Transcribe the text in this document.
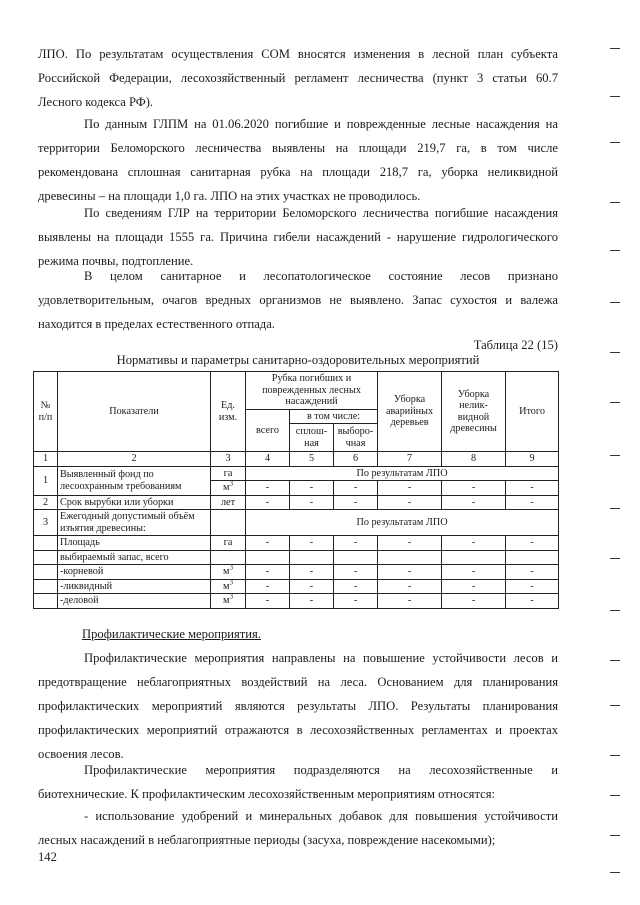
ЛПО. По результатам осуществления СОМ вносятся изменения в лесной план субъекта
Российской Федерации, лесохозяйственный регламент лесничества (пункт 3 статьи 60.7
Лесного кодекса РФ).
По данным ГЛПМ на 01.06.2020 погибшие и поврежденные лесные насаждения на
территории Беломорского лесничества выявлены на площади 219,7 га, в том числе
рекомендована сплошная санитарная рубка на площади 218,7 га, уборка неликвидной
древесины – на площади 1,0 га. ЛПО на этих участках не проводилось.
По сведениям ГЛР на территории Беломорского лесничества погибшие насаждения
выявлены на площади 1555 га. Причина гибели насаждений - нарушение гидрологического
режима почвы, подтопление.
В целом санитарное и лесопатологическое состояние лесов признано
удовлетворительным, очагов вредных организмов не выявлено. Запас сухостоя и валежа
находится в пределах естественного отпада.
Таблица 22 (15)
Нормативы и параметры санитарно-оздоровительных мероприятий
№ п/п	Показатели	Ед. изм.	Рубка погибших и поврежденных лесных насаждений			Уборка аварийных деревьев	Уборка нелик-видной древесины	Итого
			всего	в том числе:				
				сплош-ная	выборо-чная			

1	2	3	4	5	6	7	8	9
1	Выявленный фонд по лесоохранным требованиям	га	По результатам ЛПО					
		$м^3$	-	-	-	-	-	-
2	Срок вырубки или уборки	лет	-	-	-	-	-	-
3	Ежегодный допустимый объём изъятия древесины:		По результатам ЛПО					
	Площадь	га	-	-	-	-	-	-
	выбираемый запас, всего							
	-корневой	$м^3$	-	-	-	-	-	-
	-ликвидный	$м^3$	-	-	-	-	-	-
	-деловой	$м^3$	-	-	-	-	-	-
Профилактические мероприятия.
Профилактические мероприятия направлены на повышение устойчивости лесов и
предотвращение неблагоприятных воздействий на леса. Основанием для планирования
профилактических мероприятий являются результаты ЛПО. Результаты планирования
профилактических мероприятий отражаются в лесохозяйственных регламентах и проектах
освоения лесов.
Профилактические мероприятия подразделяются на лесохозяйственные и
биотехнические. К профилактическим лесохозяйственным мероприятиям относятся:
- использование удобрений и минеральных добавок для повышения устойчивости
лесных насаждений в неблагоприятные периоды (засуха, повреждение насекомыми);
142
